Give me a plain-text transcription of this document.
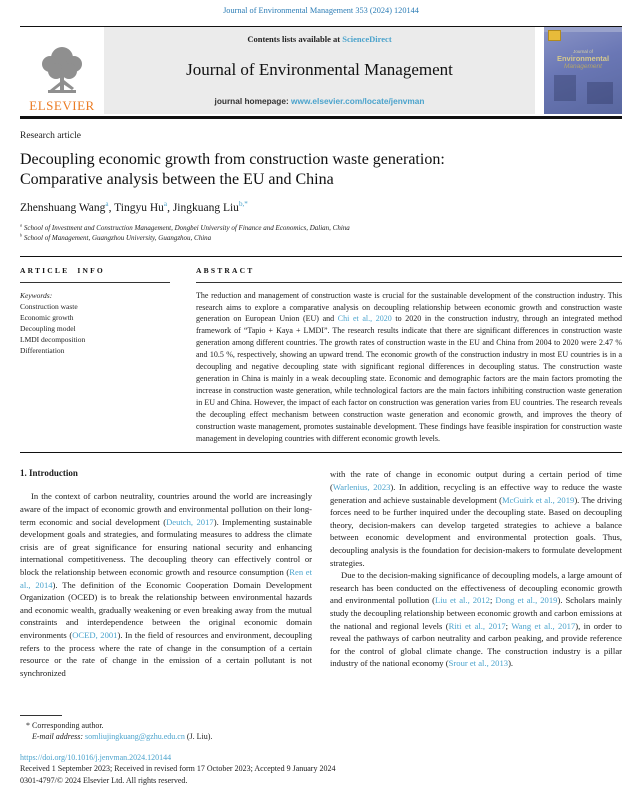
Journal of Environmental Management 353 (2024) 120144
ELSEVIER
Contents lists available at ScienceDirect
Journal of Environmental Management
journal homepage: www.elsevier.com/locate/jenvman
Journal of
Environmental
Management
Research article
Decoupling economic growth from construction waste generation:
Comparative analysis between the EU and China
Zhenshuang Wang$^a$, Tingyu Hu$^a$, Jingkuang Liu$^{b,*}$
$^a$ School of Investment and Construction Management, Dongbei University of Finance and Economics, Dalian, China
$^b$ School of Management, Guangzhou University, Guangzhou, China
ARTICLE INFO
Keywords:
Construction waste
Economic growth
Decoupling model
LMDI decomposition
Differentiation
ABSTRACT
The reduction and management of construction waste is crucial for the sustainable development of the construction industry. This research aims to explore a comparative analysis on decoupling relationship between economic growth and construction waste generation on European Union (EU) and Chi et al., 2020 to 2020 in the construction industry, through an integrated method framework of “Tapio + Kaya + LMDI”. The research results indicate that there are significant differences in construction waste generation among different countries. The growth rates of construction waste in the EU and China from 2004 to 2020 were 2.47 % and 10.5 %, respectively, showing an upward trend. The economic growth of the construction industry in most EU countries is in a decoupling and negative decoupling state with significant regional differences in decoupling status. The construction waste generation in China is mainly in a weak decoupling state. Economic and demographic factors are the main factors promoting the increase in construction waste generation, while technological factors are the main factors inhibiting construction waste generation in EU and China. However, the impact of each factor on construction was generation varies from EU countries. The research reveals the decoupling effect mechanism between construction waste generation and economic growth, and improves the theory of construction waste management, promotes sustainable development. These findings have feasible inspiration for construction waste management in developing countries with different economic growth levels.
1. Introduction

In the context of carbon neutrality, countries around the world are increasingly aware of the impact of economic growth and environmental pollution on their long-term economic and social development (Deutch, 2017). Implementing sustainable development goals and strategies, and formulating measures to address the climate crisis are of great significance for ensuring national security and enhancing international competitiveness. The decoupling theory can effectively control or block the relationship between economic growth and resource consumption (Ren et al., 2014). The definition of the Economic Cooperation Domain Development Organization (OCED) is to break the relationship between environmental hazards and economic wealth, gradually weakening or even breaking away from the mutual constraints and interdependence between the original economic domain environments (OCED, 2001). In the field of resources and environment, decoupling refers to the process where the rate of change in the consumption of a certain resource or the rate of change in the emission of a certain pollutant is not synchronized

with the rate of change in economic output during a certain period of time (Warlenius, 2023). In addition, recycling is an effective way to reduce the waste generation and achieve sustainable development (McGuirk et al., 2019). The driving forces need to be further inquired under the decoupling state. Based on decoupling theory, decision-makers can develop targeted strategies to achieve a balance between economic development and environmental protection goals. Thus, decoupling analysis is the foundation for decision-makers to formulate development strategies.

Due to the decision-making significance of decoupling models, a large amount of research has been conducted on the effectiveness of decoupling economic growth and environmental pollution (Liu et al., 2012; Dong et al., 2019). Scholars mainly study the decoupling relationship between economic growth and carbon emissions at the national and regional levels (Riti et al., 2017; Wang et al., 2017), in order to reveal the pathways of carbon neutrality and carbon peaking, and provide reference for the control of global climate change. The construction industry is a pillar industry of the national economy (Srour et al., 2013).

* Corresponding author.
E-mail address: somliujingkuang@gzhu.edu.cn (J. Liu).
https://doi.org/10.1016/j.jenvman.2024.120144
Received 1 September 2023; Received in revised form 17 October 2023; Accepted 9 January 2024
0301-4797/© 2024 Elsevier Ltd. All rights reserved.
